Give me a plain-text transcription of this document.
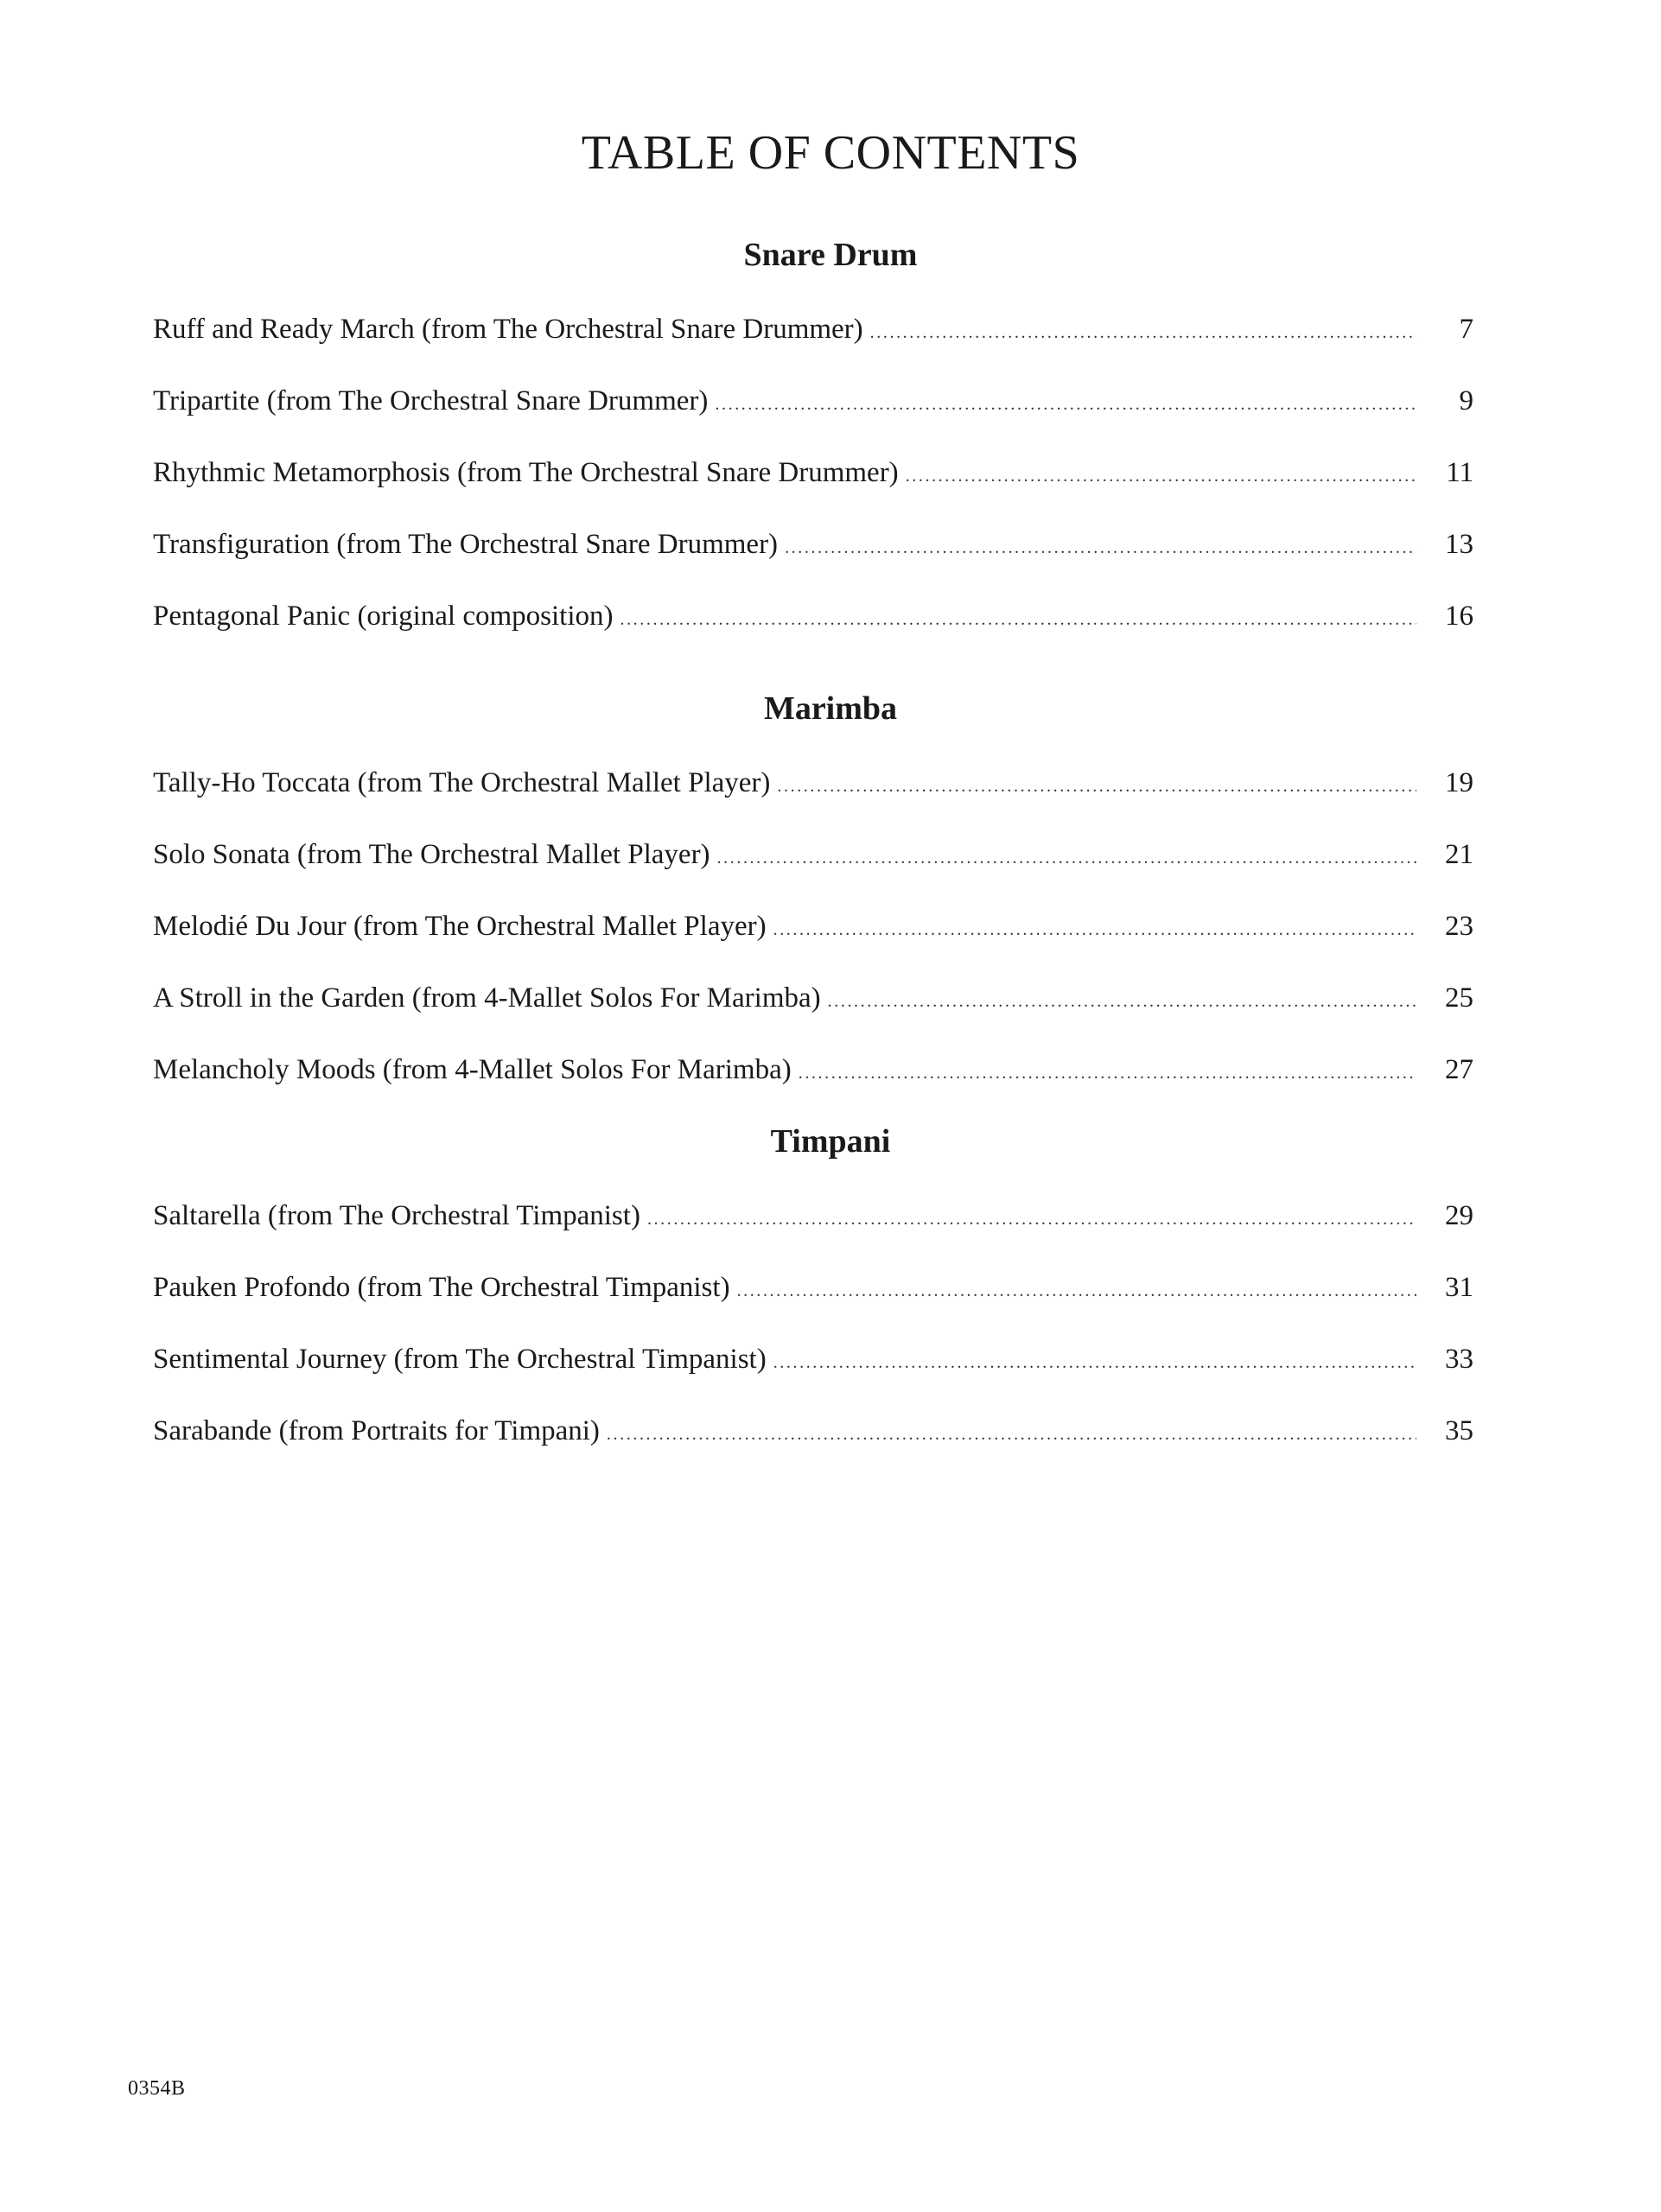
TABLE OF CONTENTS
Snare Drum
Ruff and Ready March (from The Orchestral Snare Drummer) .....	7
Tripartite (from The Orchestral Snare Drummer) .....	9
Rhythmic Metamorphosis (from The Orchestral Snare Drummer) .....	11
Transfiguration (from The Orchestral Snare Drummer) .....	13
Pentagonal Panic (original composition) .....	16
Marimba
Tally-Ho Toccata (from The Orchestral Mallet Player) .....	19
Solo Sonata (from The Orchestral Mallet Player) .....	21
Melodié Du Jour (from The Orchestral Mallet Player) .....	23
A Stroll in the Garden (from 4-Mallet Solos For Marimba) .....	25
Melancholy Moods (from 4-Mallet Solos For Marimba) .....	27
Timpani
Saltarella (from The Orchestral Timpanist) .....	29
Pauken Profondo (from The Orchestral Timpanist) .....	31
Sentimental Journey (from The Orchestral Timpanist) .....	33
Sarabande (from Portraits for Timpani) .....	35
0354B
